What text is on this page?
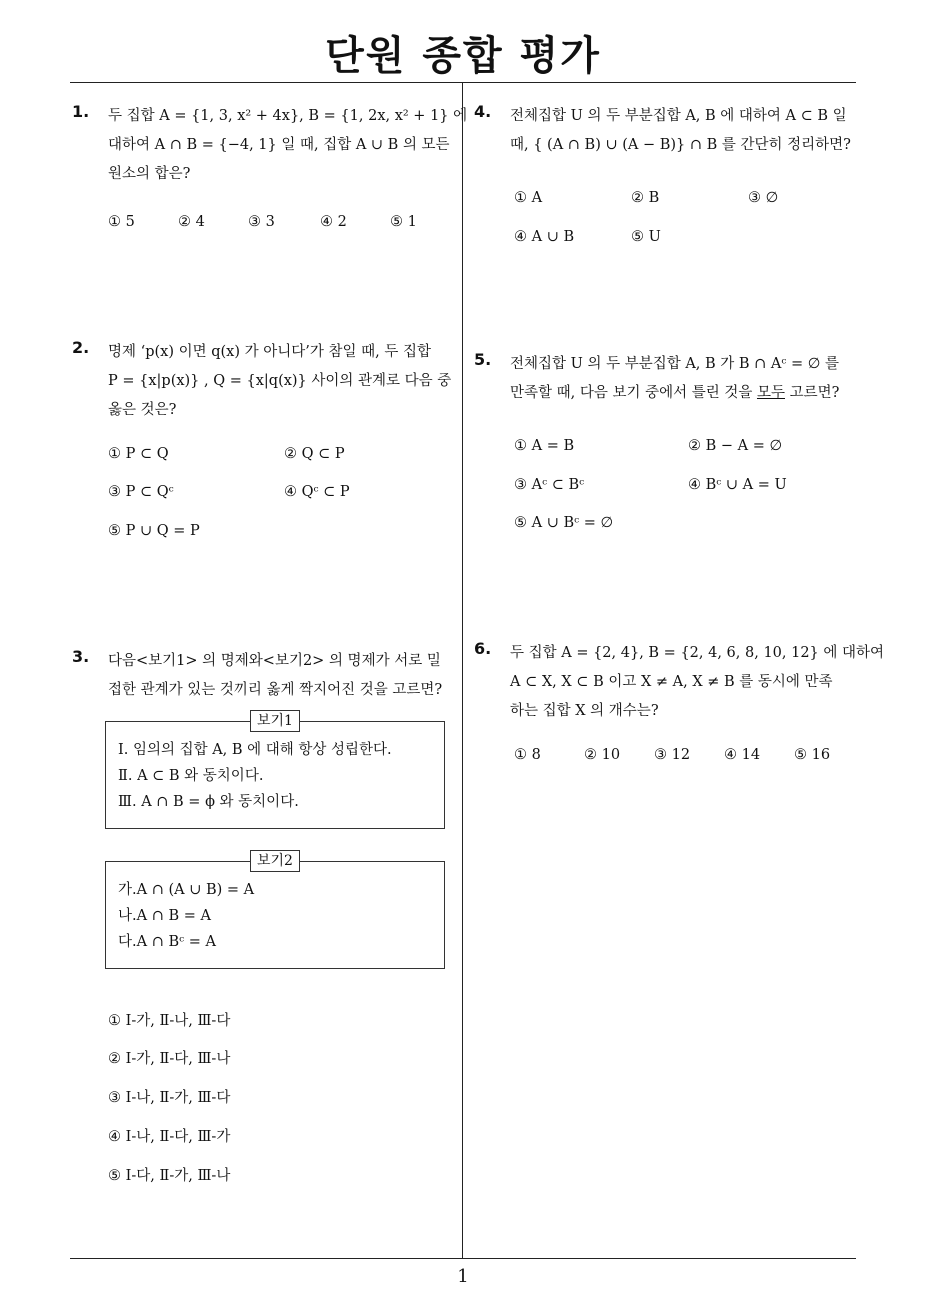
단원 종합 평가
1
1. 두 집합 A = {1, 3, x² + 4x}, B = {1, 2x, x² + 1} 에
대하여 A ∩ B = {−4, 1} 일 때, 집합 A ∪ B 의 모든
원소의 합은?
① 5	② 4	③ 3	④ 2	⑤ 1
2. 명제 ‘p(x) 이면 q(x) 가 아니다’가 참일 때, 두 집합
P = {x|p(x)} , Q = {x|q(x)} 사이의 관계로 다음 중
옳은 것은?
① P ⊂ Q	② Q ⊂ P
③ P ⊂ Qᶜ	④ Qᶜ ⊂ P
⑤ P ∪ Q = P
3. 다음<보기1> 의 명제와<보기2> 의 명제가 서로 밀
접한 관계가 있는 것끼리 옳게 짝지어진 것을 고르면?
보기1
Ⅰ. 임의의 집합 A, B 에 대해 항상 성립한다.
Ⅱ. A ⊂ B 와 동치이다.
Ⅲ. A ∩ B = ϕ 와 동치이다.
보기2
가.A ∩ (A ∪ B) = A
나.A ∩ B = A
다.A ∩ Bᶜ = A
① Ⅰ-가, Ⅱ-나, Ⅲ-다
② Ⅰ-가, Ⅱ-다, Ⅲ-나
③ Ⅰ-나, Ⅱ-가, Ⅲ-다
④ Ⅰ-나, Ⅱ-다, Ⅲ-가
⑤ Ⅰ-다, Ⅱ-가, Ⅲ-나
4. 전체집합 U 의 두 부분집합 A, B 에 대하여 A ⊂ B 일
때, { (A ∩ B) ∪ (A − B)} ∩ B 를 간단히 정리하면?
① A	② B	③ ∅
④ A ∪ B	⑤ U
5. 전체집합 U 의 두 부분집합 A, B 가 B ∩ Aᶜ = ∅ 를
만족할 때, 다음 보기 중에서 틀린 것을 모두 고르면?
① A = B	② B − A = ∅
③ Aᶜ ⊂ Bᶜ	④ Bᶜ ∪ A = U
⑤ A ∪ Bᶜ = ∅
6. 두 집합 A = {2, 4}, B = {2, 4, 6, 8, 10, 12} 에 대하여
A ⊂ X, X ⊂ B 이고 X ≠ A, X ≠ B 를 동시에 만족
하는 집합 X 의 개수는?
① 8	② 10 ③ 12 ④ 14 ⑤ 16
